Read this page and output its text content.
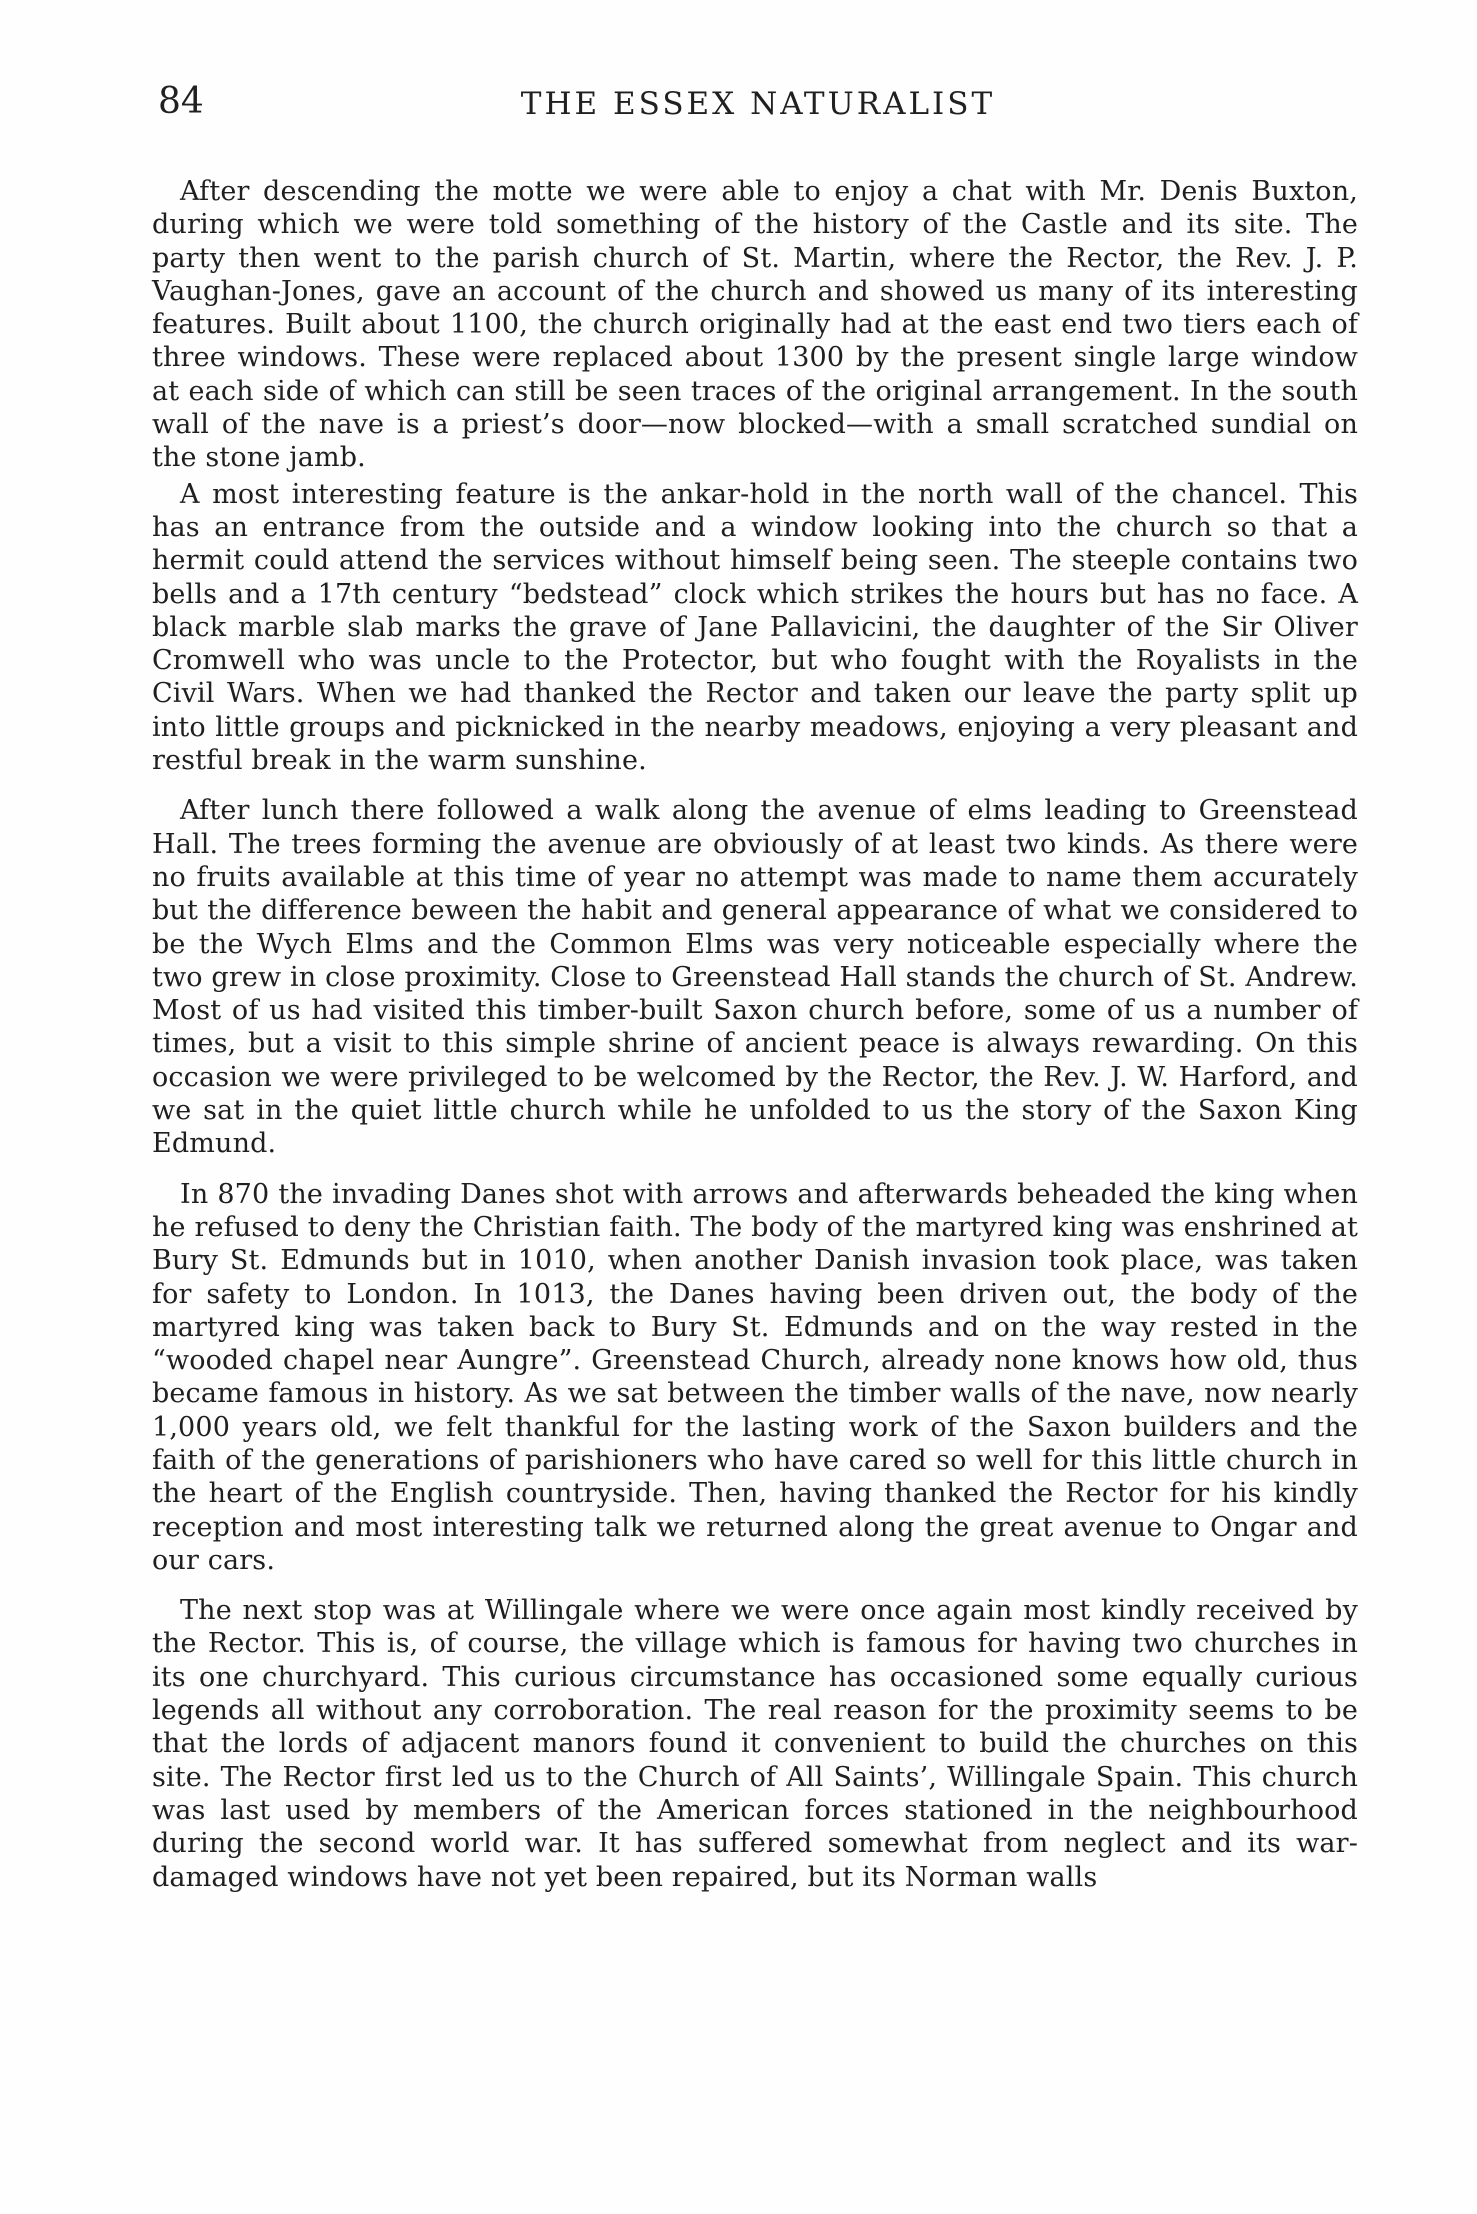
84	THE ESSEX NATURALIST

After descending the motte we were able to enjoy a chat with Mr. Denis Buxton, during which we were told something of the history of the Castle and its site. The party then went to the parish church of St. Martin, where the Rector, the Rev. J. P. Vaughan-Jones, gave an account of the church and showed us many of its interesting features. Built about 1100, the church originally had at the east end two tiers each of three windows. These were replaced about 1300 by the present single large window at each side of which can still be seen traces of the original arrangement. In the south wall of the nave is a priest’s door—now blocked—with a small scratched sundial on the stone jamb.

A most interesting feature is the ankar-hold in the north wall of the chancel. This has an entrance from the outside and a window looking into the church so that a hermit could attend the services without himself being seen. The steeple contains two bells and a 17th century “bedstead” clock which strikes the hours but has no face. A black marble slab marks the grave of Jane Pallavicini, the daughter of the Sir Oliver Cromwell who was uncle to the Protector, but who fought with the Royalists in the Civil Wars. When we had thanked the Rector and taken our leave the party split up into little groups and picknicked in the nearby meadows, enjoying a very pleasant and restful break in the warm sunshine.

After lunch there followed a walk along the avenue of elms leading to Greenstead Hall. The trees forming the avenue are obviously of at least two kinds. As there were no fruits available at this time of year no attempt was made to name them accurately but the difference beween the habit and general appearance of what we considered to be the Wych Elms and the Common Elms was very noticeable especially where the two grew in close proximity. Close to Greenstead Hall stands the church of St. Andrew. Most of us had visited this timber-built Saxon church before, some of us a number of times, but a visit to this simple shrine of ancient peace is always rewarding. On this occasion we were privileged to be welcomed by the Rector, the Rev. J. W. Harford, and we sat in the quiet little church while he unfolded to us the story of the Saxon King Edmund.

In 870 the invading Danes shot with arrows and afterwards beheaded the king when he refused to deny the Christian faith. The body of the martyred king was enshrined at Bury St. Edmunds but in 1010, when another Danish invasion took place, was taken for safety to London. In 1013, the Danes having been driven out, the body of the martyred king was taken back to Bury St. Edmunds and on the way rested in the “wooded chapel near Aungre”. Greenstead Church, already none knows how old, thus became famous in history. As we sat between the timber walls of the nave, now nearly 1,000 years old, we felt thankful for the lasting work of the Saxon builders and the faith of the generations of parishioners who have cared so well for this little church in the heart of the English countryside. Then, having thanked the Rector for his kindly reception and most interesting talk we returned along the great avenue to Ongar and our cars.

The next stop was at Willingale where we were once again most kindly received by the Rector. This is, of course, the village which is famous for having two churches in its one churchyard. This curious circumstance has occasioned some equally curious legends all without any corroboration. The real reason for the proximity seems to be that the lords of adjacent manors found it convenient to build the churches on this site. The Rector first led us to the Church of All Saints’, Willingale Spain. This church was last used by members of the American forces stationed in the neighbourhood during the second world war. It has suffered somewhat from neglect and its war-damaged windows have not yet been repaired, but its Norman walls
